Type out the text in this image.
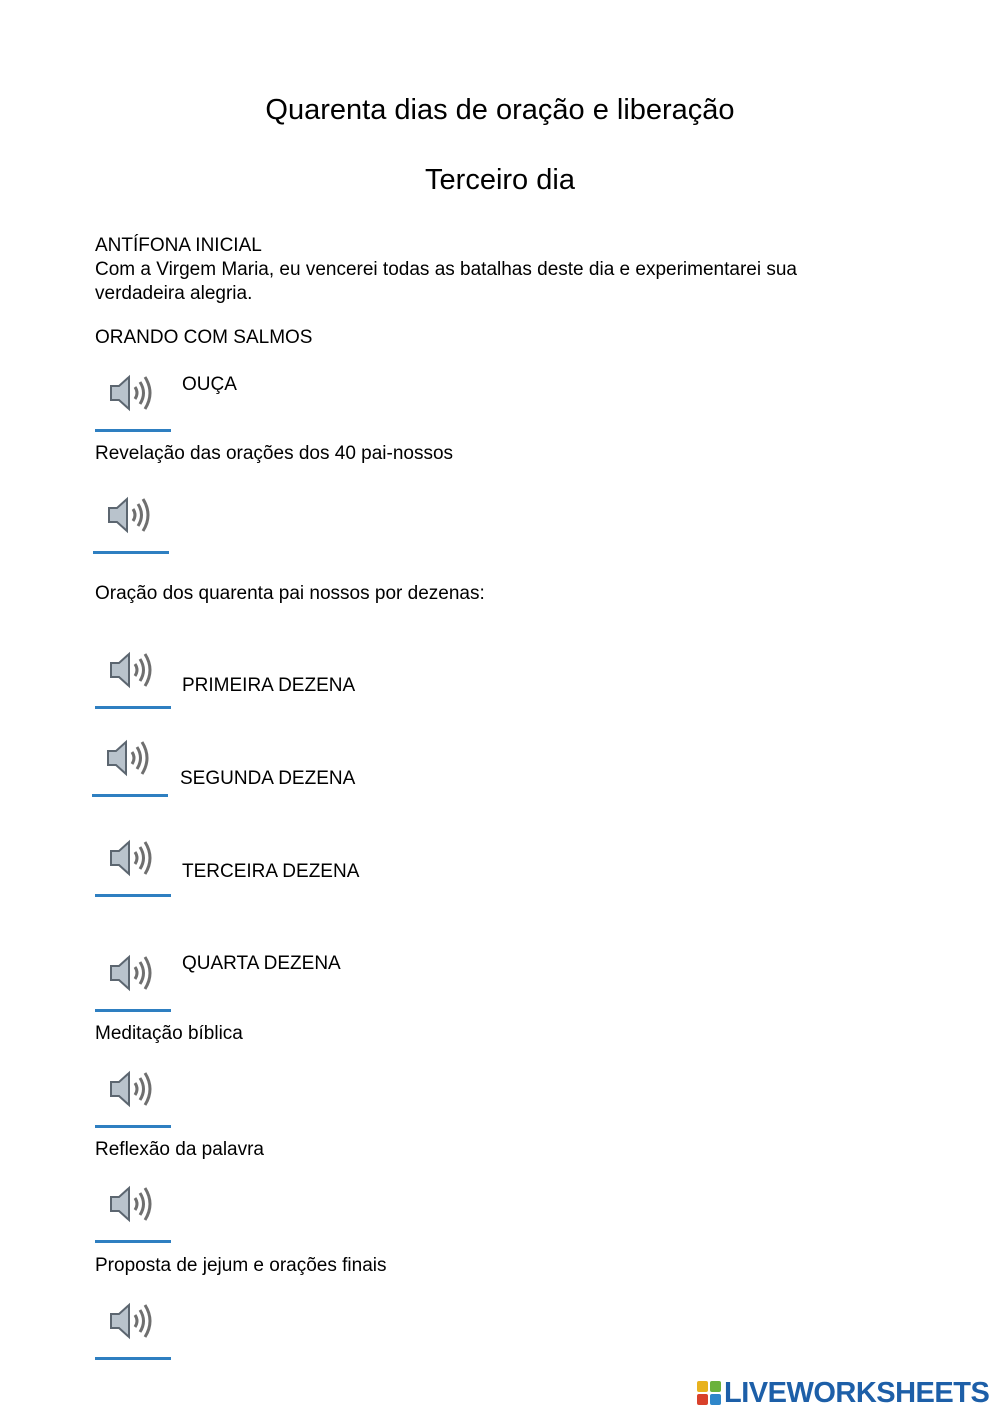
Quarenta dias de oração e liberação
Terceiro dia
ANTÍFONA INICIAL
Com a Virgem Maria, eu vencerei todas as batalhas deste dia e experimentarei sua
verdadeira alegria.
ORANDO COM SALMOS
OUÇA
Revelação das orações dos 40 pai-nossos
Oração dos quarenta pai nossos por dezenas:
PRIMEIRA DEZENA
SEGUNDA DEZENA
TERCEIRA DEZENA
QUARTA DEZENA
Meditação bíblica
Reflexão da palavra
Proposta de jejum e orações finais
LIVEWORKSHEETS
